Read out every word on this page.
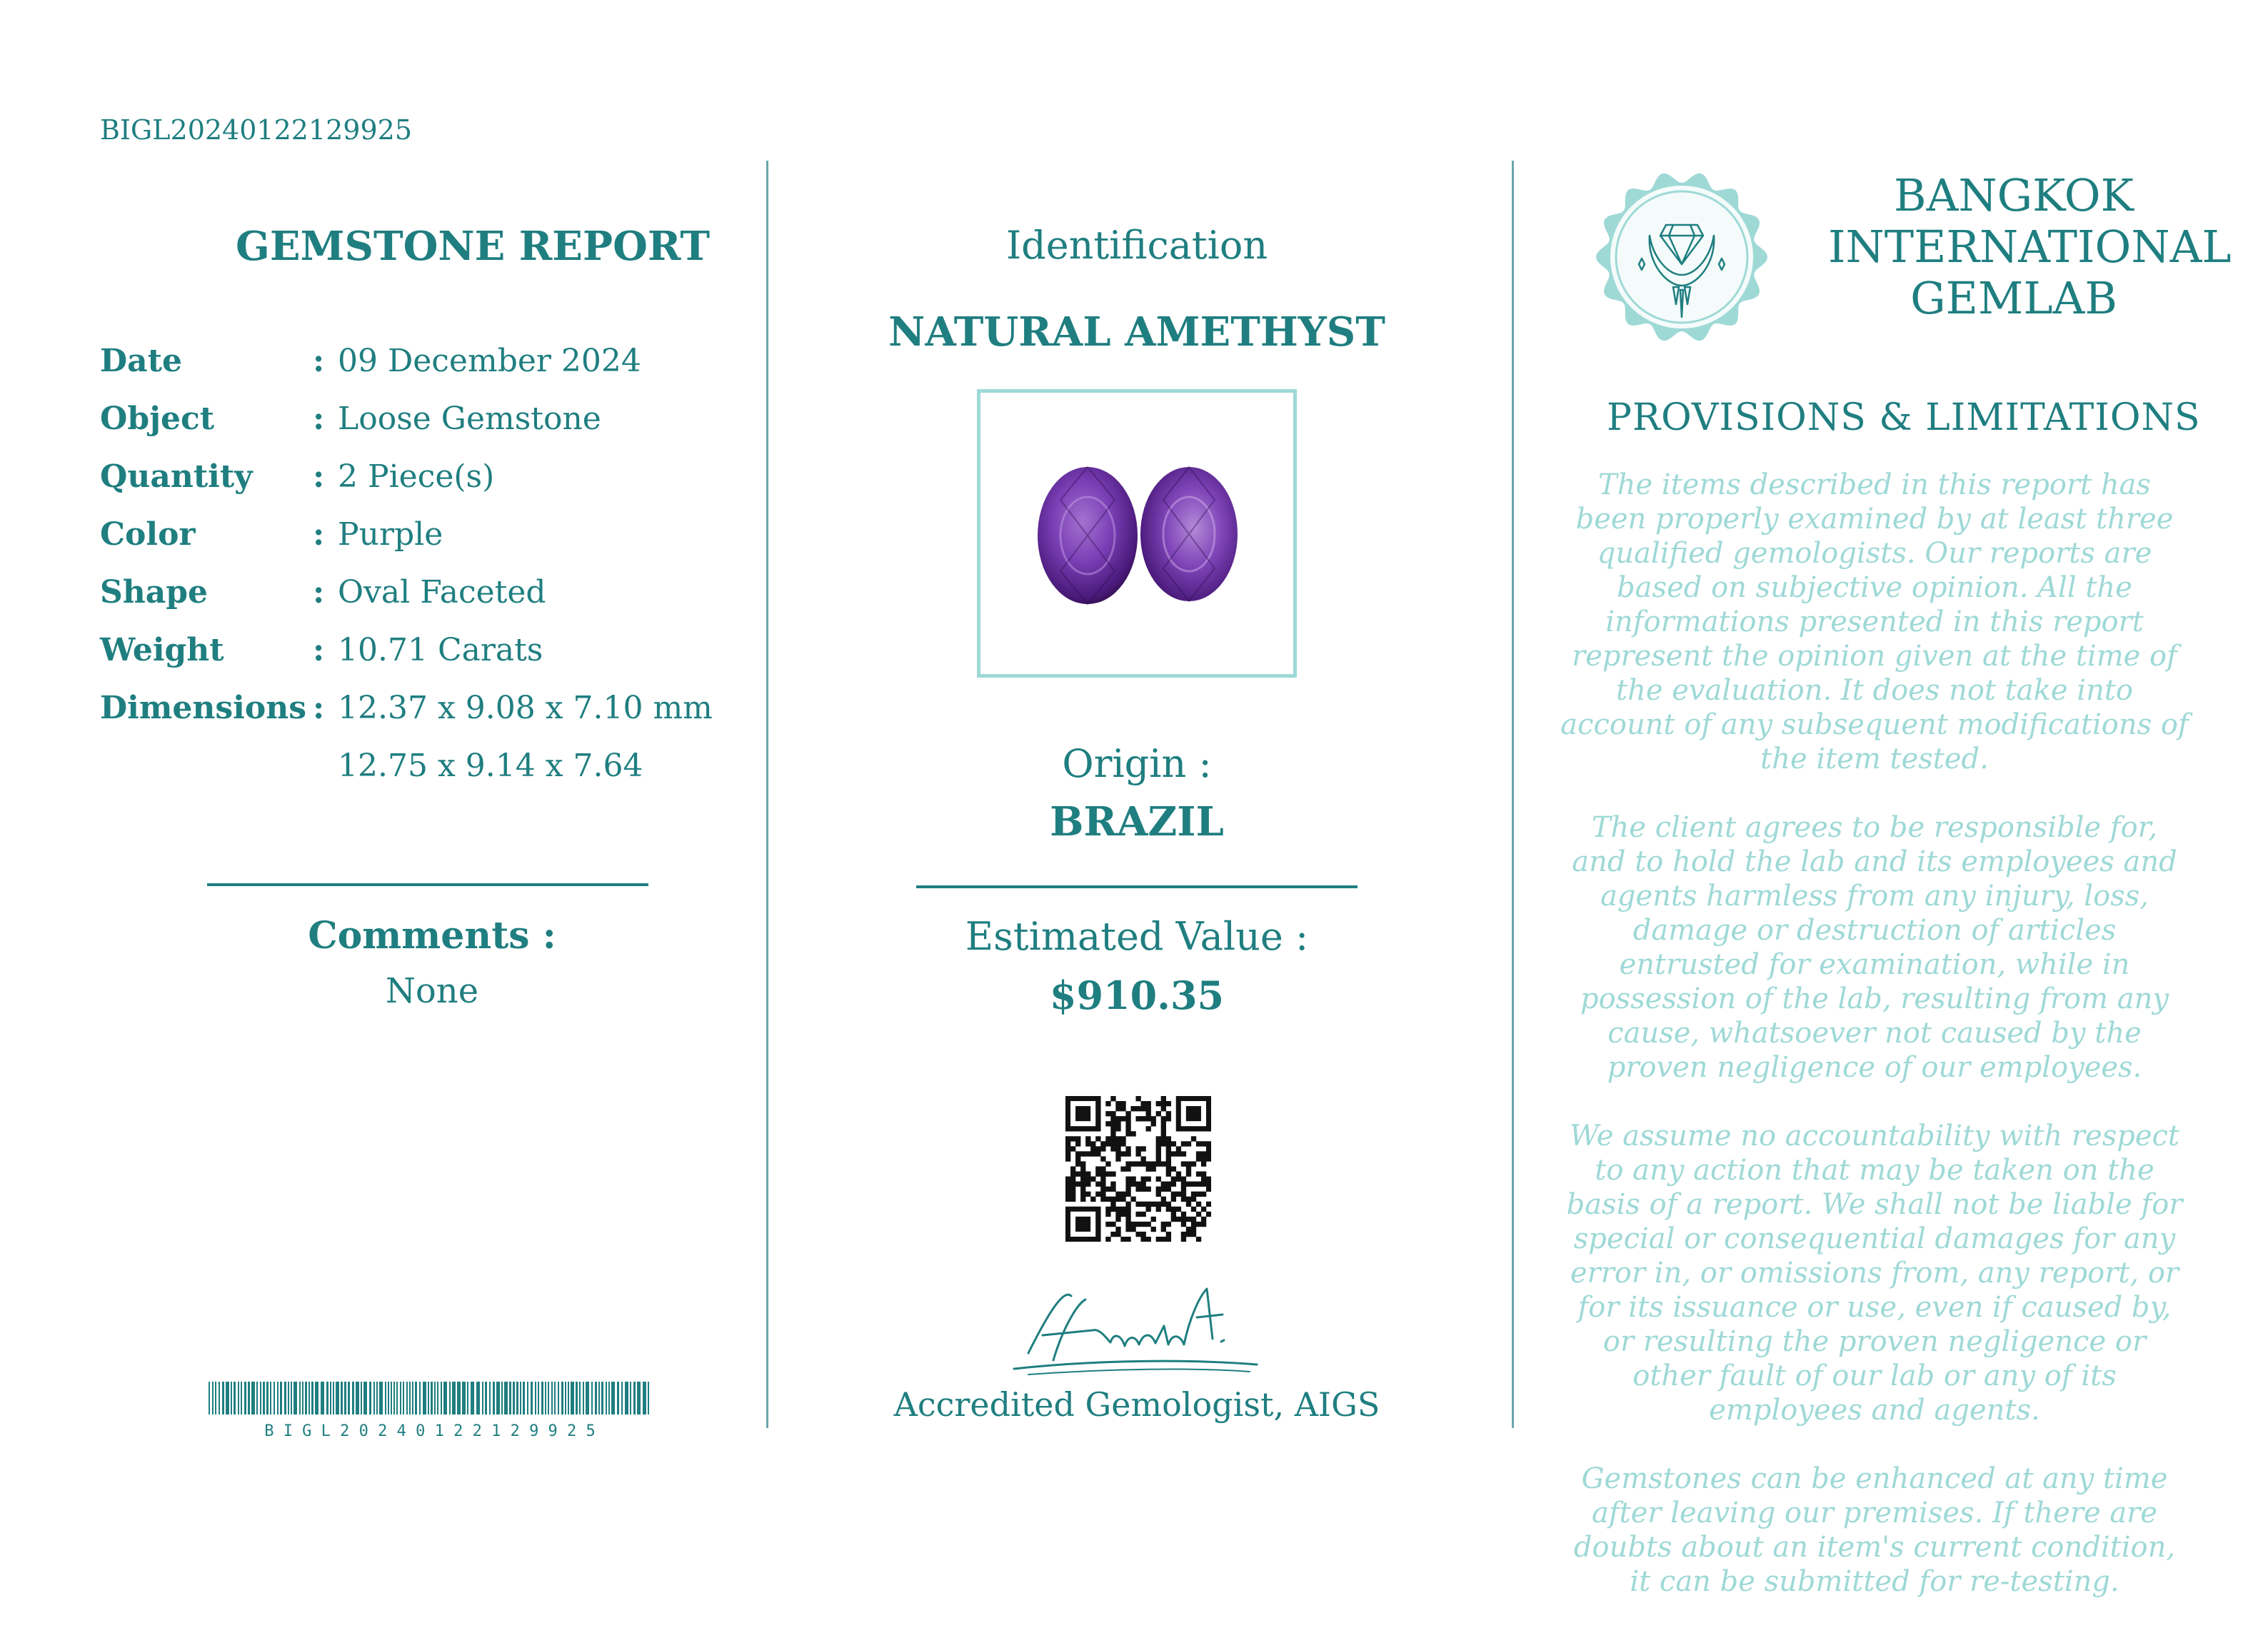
BIGL20240122129925
GEMSTONE REPORT
Date	: 09 December 2024
Object	: Loose Gemstone
Quantity : 2 Piece(s)
Color	: Purple
Shape	: Oval Faceted
Weight	: 10.71 Carats
Dimensions : 12.37 x 9.08 x 7.10 mm
12.75 x 9.14 x 7.64
Comments :
None
B I G L 2 0 2 4 0 1 2 2 1 2 9 9 2 5
Identification
NATURAL AMETHYST
Origin :
BRAZIL
Estimated Value :
$910.35
Accredited Gemologist, AIGS
BANGKOK
INTERNATIONAL
GEMLAB
PROVISIONS & LIMITATIONS

The items described in this report has been properly examined by at least three qualified gemologists. Our reports are based on subjective opinion. All the informations presented in this report represent the opinion given at the time of the evaluation. It does not take into account of any subsequent modifications of the item tested.

The client agrees to be responsible for, and to hold the lab and its employees and agents harmless from any injury, loss, damage or destruction of articles entrusted for examination, while in possession of the lab, resulting from any cause, whatsoever not caused by the proven negligence of our employees.

We assume no accountability with respect to any action that may be taken on the basis of a report. We shall not be liable for special or consequential damages for any error in, or omissions from, any report, or for its issuance or use, even if caused by, or resulting the proven negligence or other fault of our lab or any of its employees and agents.

Gemstones can be enhanced at any time after leaving our premises. If there are doubts about an item's current condition, it can be submitted for re-testing.
